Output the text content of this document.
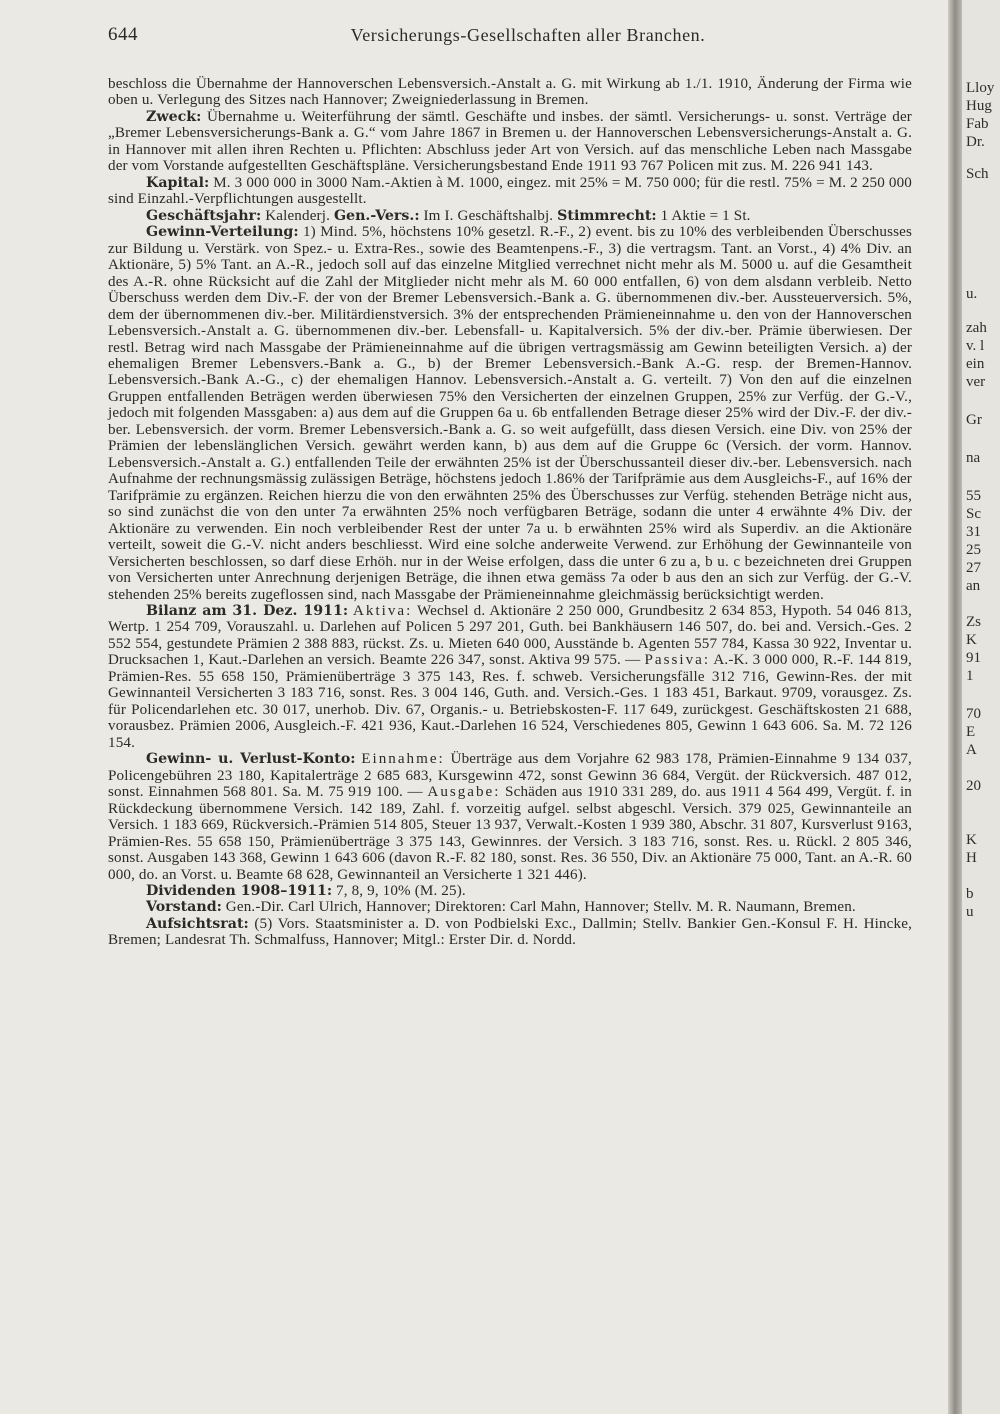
644	Versicherungs-Gesellschaften aller Branchen.

beschloss die Übernahme der Hannoverschen Lebensversich.-Anstalt a. G. mit Wirkung ab 1./1. 1910, Änderung der Firma wie oben u. Verlegung des Sitzes nach Hannover; Zweigniederlassung in Bremen.

Zweck: Übernahme u. Weiterführung der sämtl. Geschäfte und insbes. der sämtl. Versicherungs- u. sonst. Verträge der „Bremer Lebensversicherungs-Bank a. G.“ vom Jahre 1867 in Bremen u. der Hannoverschen Lebensversicherungs-Anstalt a. G. in Hannover mit allen ihren Rechten u. Pflichten: Abschluss jeder Art von Versich. auf das menschliche Leben nach Massgabe der vom Vorstande aufgestellten Geschäftspläne. Versicherungsbestand Ende 1911 93 767 Policen mit zus. M. 226 941 143.

Kapital: M. 3 000 000 in 3000 Nam.-Aktien à M. 1000, eingez. mit 25% = M. 750 000; für die restl. 75% = M. 2 250 000 sind Einzahl.-Verpflichtungen ausgestellt.

Geschäftsjahr: Kalenderj. Gen.-Vers.: Im I. Geschäftshalbj. Stimmrecht: 1 Aktie = 1 St.

Gewinn-Verteilung: 1) Mind. 5%, höchstens 10% gesetzl. R.-F., 2) event. bis zu 10% des verbleibenden Überschusses zur Bildung u. Verstärk. von Spez.- u. Extra-Res., sowie des Beamtenpens.-F., 3) die vertragsm. Tant. an Vorst., 4) 4% Div. an Aktionäre, 5) 5% Tant. an A.-R., jedoch soll auf das einzelne Mitglied verrechnet nicht mehr als M. 5000 u. auf die Gesamtheit des A.-R. ohne Rücksicht auf die Zahl der Mitglieder nicht mehr als M. 60 000 entfallen, 6) von dem alsdann verbleib. Netto Überschuss werden dem Div.-F. der von der Bremer Lebensversich.-Bank a. G. übernommenen div.-ber. Aussteuerversich. 5%, dem der übernommenen div.-ber. Militärdienstversich. 3% der entsprechenden Prämieneinnahme u. den von der Hannoverschen Lebensversich.-Anstalt a. G. übernommenen div.-ber. Lebensfall- u. Kapitalversich. 5% der div.-ber. Prämie überwiesen. Der restl. Betrag wird nach Massgabe der Prämieneinnahme auf die übrigen vertragsmässig am Gewinn beteiligten Versich. a) der ehemaligen Bremer Lebensvers.-Bank a. G., b) der Bremer Lebensversich.-Bank A.-G. resp. der Bremen-Hannov. Lebensversich.-Bank A.-G., c) der ehemaligen Hannov. Lebensversich.-Anstalt a. G. verteilt. 7) Von den auf die einzelnen Gruppen entfallenden Beträgen werden überwiesen 75% den Versicherten der einzelnen Gruppen, 25% zur Verfüg. der G.-V., jedoch mit folgenden Massgaben: a) aus dem auf die Gruppen 6a u. 6b entfallenden Betrage dieser 25% wird der Div.-F. der div.-ber. Lebensversich. der vorm. Bremer Lebensversich.-Bank a. G. so weit aufgefüllt, dass diesen Versich. eine Div. von 25% der Prämien der lebenslänglichen Versich. gewährt werden kann, b) aus dem auf die Gruppe 6c (Versich. der vorm. Hannov. Lebensversich.-Anstalt a. G.) entfallenden Teile der erwähnten 25% ist der Überschussanteil dieser div.-ber. Lebensversich. nach Aufnahme der rechnungsmässig zulässigen Beträge, höchstens jedoch 1.86% der Tarifprämie aus dem Ausgleichs-F., auf 16% der Tarifprämie zu ergänzen. Reichen hierzu die von den erwähnten 25% des Überschusses zur Verfüg. stehenden Beträge nicht aus, so sind zunächst die von den unter 7a erwähnten 25% noch verfügbaren Beträge, sodann die unter 4 erwähnte 4% Div. der Aktionäre zu verwenden. Ein noch verbleibender Rest der unter 7a u. b erwähnten 25% wird als Superdiv. an die Aktionäre verteilt, soweit die G.-V. nicht anders beschliesst. Wird eine solche anderweite Verwend. zur Erhöhung der Gewinnanteile von Versicherten beschlossen, so darf diese Erhöh. nur in der Weise erfolgen, dass die unter 6 zu a, b u. c bezeichneten drei Gruppen von Versicherten unter Anrechnung derjenigen Beträge, die ihnen etwa gemäss 7a oder b aus den an sich zur Verfüg. der G.-V. stehenden 25% bereits zugeflossen sind, nach Massgabe der Prämieneinnahme gleichmässig berücksichtigt werden.

Bilanz am 31. Dez. 1911: Aktiva: Wechsel d. Aktionäre 2 250 000, Grundbesitz 2 634 853, Hypoth. 54 046 813, Wertp. 1 254 709, Vorauszahl. u. Darlehen auf Policen 5 297 201, Guth. bei Bankhäusern 146 507, do. bei and. Versich.-Ges. 2 552 554, gestundete Prämien 2 388 883, rückst. Zs. u. Mieten 640 000, Ausstände b. Agenten 557 784, Kassa 30 922, Inventar u. Drucksachen 1, Kaut.-Darlehen an versich. Beamte 226 347, sonst. Aktiva 99 575. — Passiva: A.-K. 3 000 000, R.-F. 144 819, Prämien-Res. 55 658 150, Prämienüberträge 3 375 143, Res. f. schweb. Versicherungsfälle 312 716, Gewinn-Res. der mit Gewinnanteil Versicherten 3 183 716, sonst. Res. 3 004 146, Guth. and. Versich.-Ges. 1 183 451, Barkaut. 9709, vorausgez. Zs. für Policendarlehen etc. 30 017, unerhob. Div. 67, Organis.- u. Betriebskosten-F. 117 649, zurückgest. Geschäftskosten 21 688, vorausbez. Prämien 2006, Ausgleich.-F. 421 936, Kaut.-Darlehen 16 524, Verschiedenes 805, Gewinn 1 643 606. Sa. M. 72 126 154.

Gewinn- u. Verlust-Konto: Einnahme: Überträge aus dem Vorjahre 62 983 178, Prämien-Einnahme 9 134 037, Policengebühren 23 180, Kapitalerträge 2 685 683, Kursgewinn 472, sonst Gewinn 36 684, Vergüt. der Rückversich. 487 012, sonst. Einnahmen 568 801. Sa. M. 75 919 100. — Ausgabe: Schäden aus 1910 331 289, do. aus 1911 4 564 499, Vergüt. f. in Rückdeckung übernommene Versich. 142 189, Zahl. f. vorzeitig aufgel. selbst abgeschl. Versich. 379 025, Gewinnanteile an Versich. 1 183 669, Rückversich.-Prämien 514 805, Steuer 13 937, Verwalt.-Kosten 1 939 380, Abschr. 31 807, Kursverlust 9163, Prämien-Res. 55 658 150, Prämienüberträge 3 375 143, Gewinnres. der Versich. 3 183 716, sonst. Res. u. Rückl. 2 805 346, sonst. Ausgaben 143 368, Gewinn 1 643 606 (davon R.-F. 82 180, sonst. Res. 36 550, Div. an Aktionäre 75 000, Tant. an A.-R. 60 000, do. an Vorst. u. Beamte 68 628, Gewinnanteil an Versicherte 1 321 446).

Dividenden 1908–1911: 7, 8, 9, 10% (M. 25).

Vorstand: Gen.-Dir. Carl Ulrich, Hannover; Direktoren: Carl Mahn, Hannover; Stellv. M. R. Naumann, Bremen.

Aufsichtsrat: (5) Vors. Staatsminister a. D. von Podbielski Exc., Dallmin; Stellv. Bankier Gen.-Konsul F. H. Hincke, Bremen; Landesrat Th. Schmalfuss, Hannover; Mitgl.: Erster Dir. d. Nordd.

Lloy
Hug
Fab
Dr.
Sch
u.
zah
v. l
ein
ver
Gr
na
55
Sc
31
25
27
an
Zs
K
91
1
70
E
A
20
K
H
b
u
